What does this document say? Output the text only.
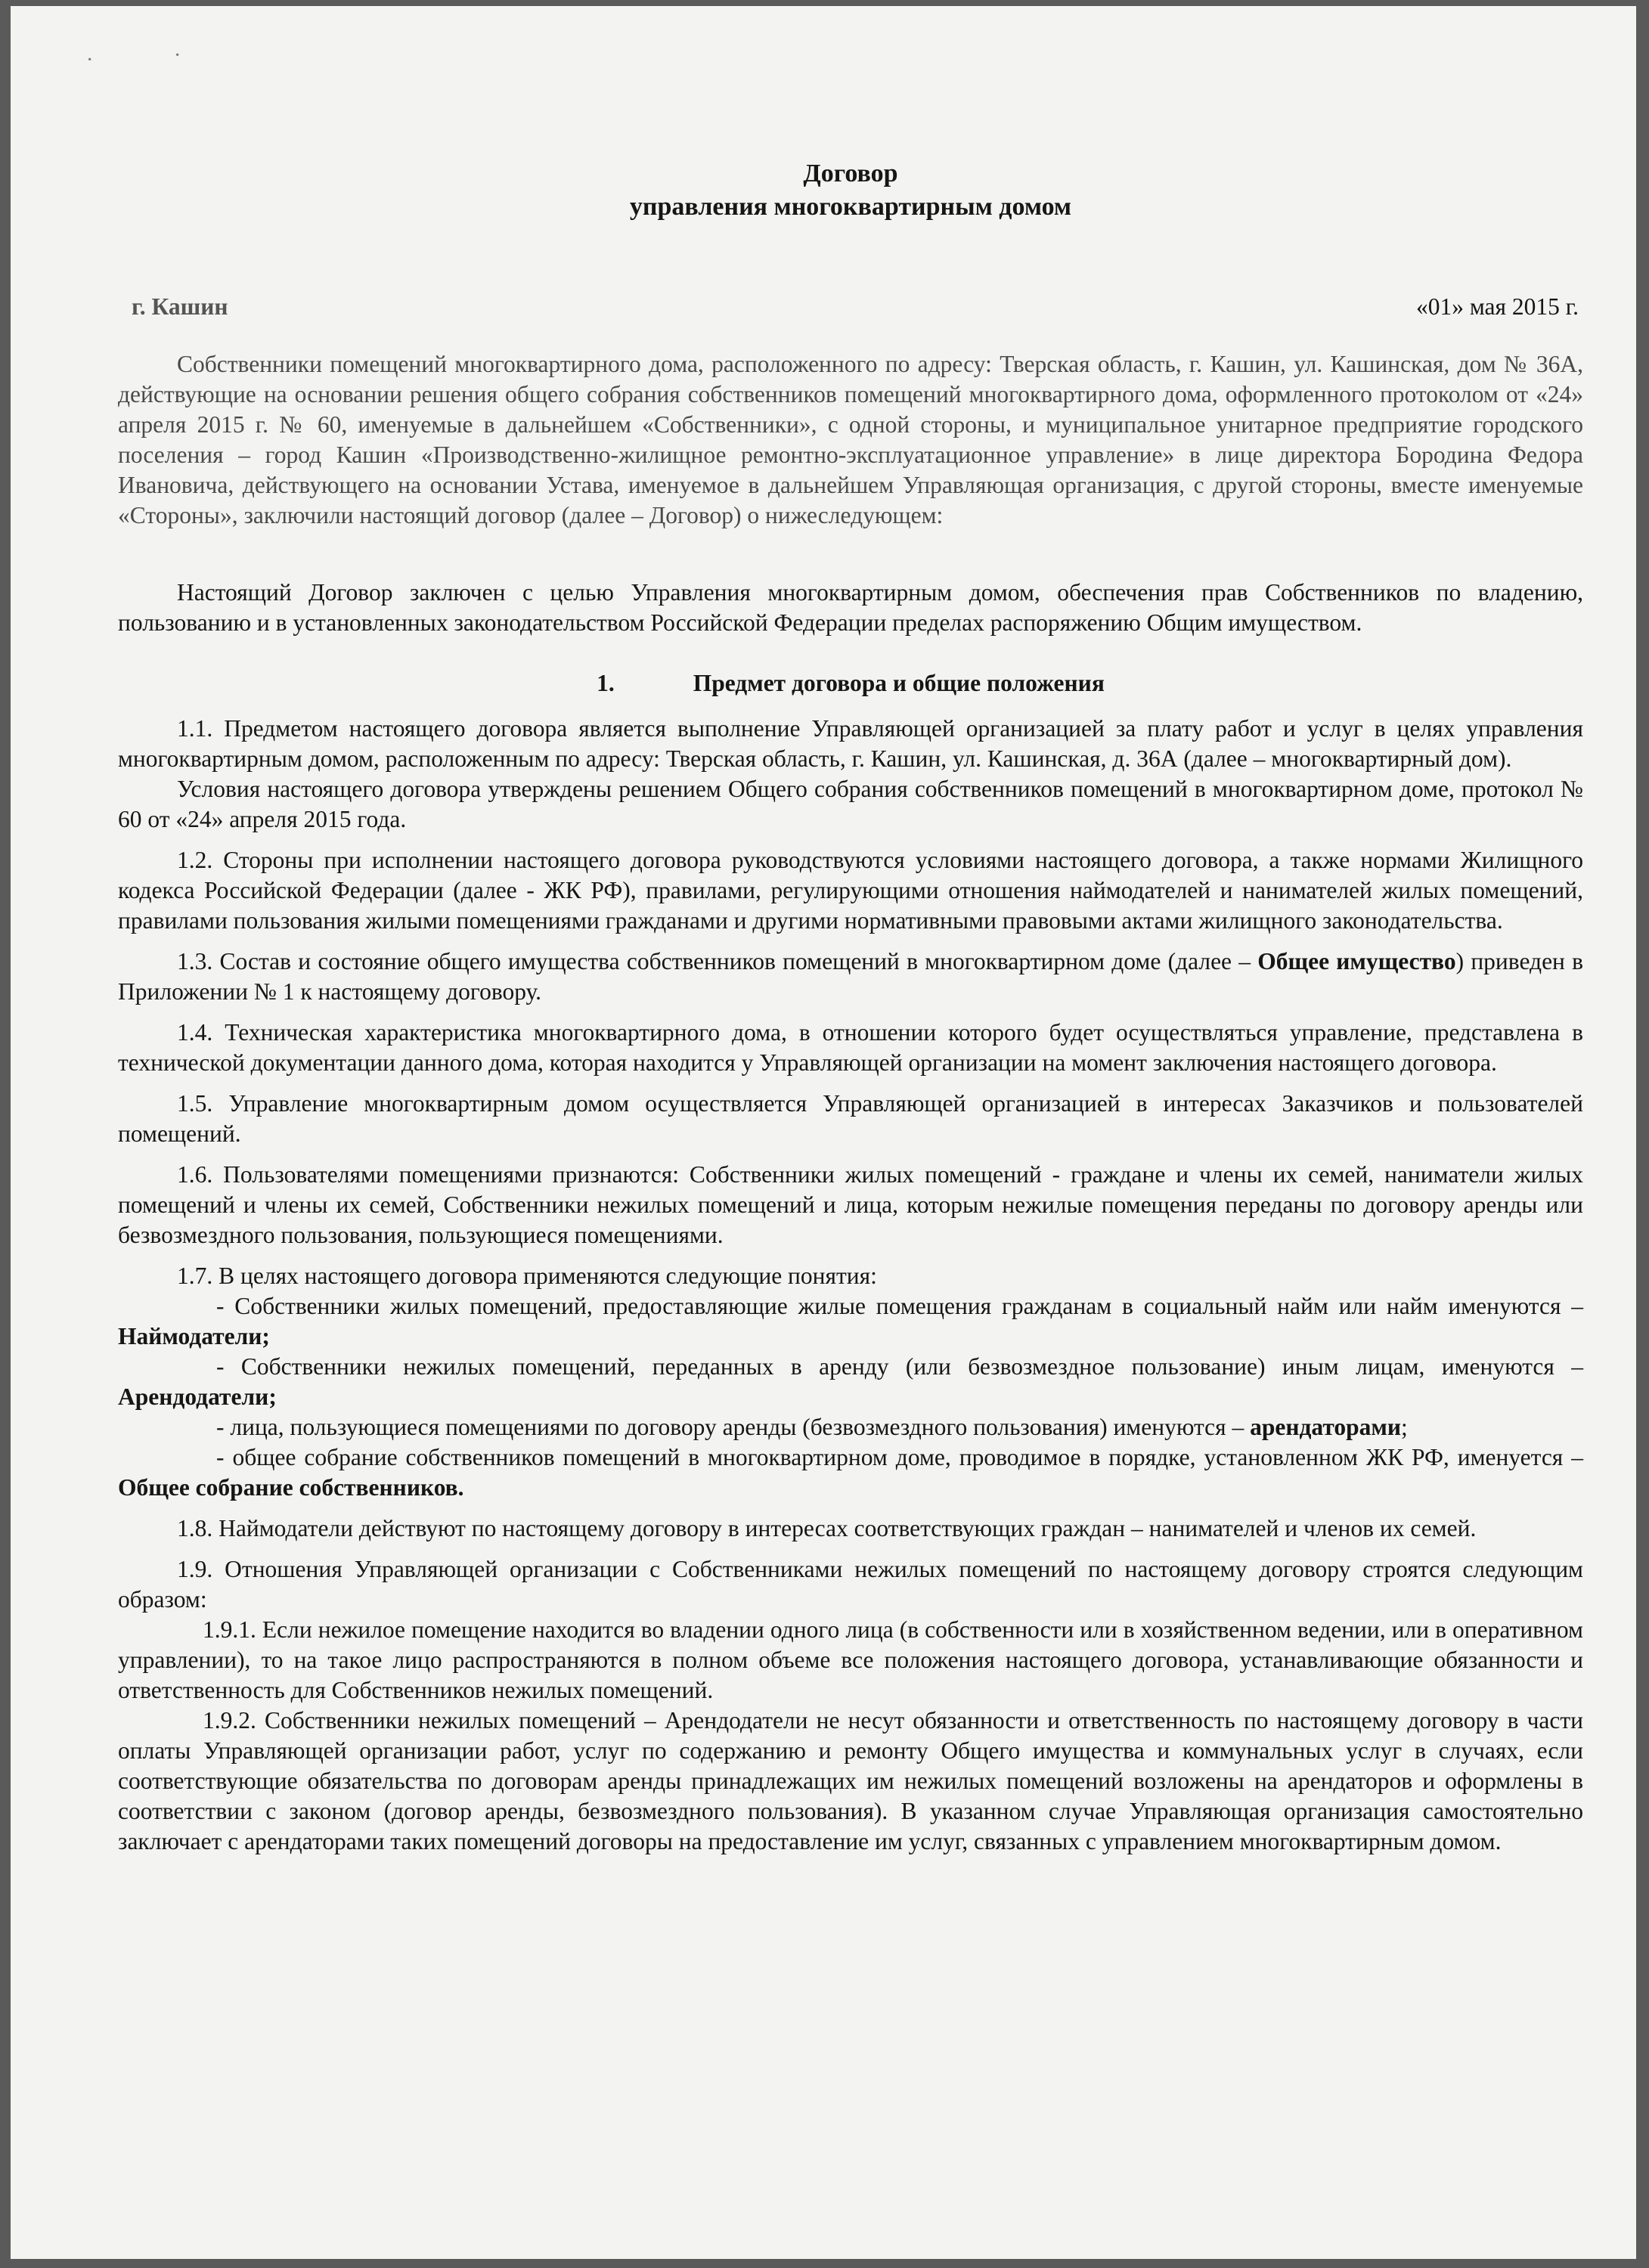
·	·
Договор
управления многоквартирным домом
г. Кашин	«01» мая 2015 г.

Собственники помещений многоквартирного дома, расположенного по адресу: Тверская область, г. Кашин, ул. Кашинская, дом № 36А, действующие на основании решения общего собрания собственников помещений многоквартирного дома, оформленного протоколом от «24» апреля 2015 г. № 60, именуемые в дальнейшем «Собственники», с одной стороны, и муниципальное унитарное предприятие городского поселения – город Кашин «Производственно-жилищное ремонтно-эксплуатационное управление» в лице директора Бородина Федора Ивановича, действующего на основании Устава, именуемое в дальнейшем Управляющая организация, с другой стороны, вместе именуемые «Стороны», заключили настоящий договор (далее – Договор) о нижеследующем:

Настоящий Договор заключен с целью Управления многоквартирным домом, обеспечения прав Собственников по владению, пользованию и в установленных законодательством Российской Федерации пределах распоряжению Общим имуществом.

1.	Предмет договора и общие положения

1.1. Предметом настоящего договора является выполнение Управляющей организацией за плату работ и услуг в целях управления многоквартирным домом, расположенным по адресу: Тверская область, г. Кашин, ул. Кашинская, д. 36А (далее – многоквартирный дом).

Условия настоящего договора утверждены решением Общего собрания собственников помещений в многоквартирном доме, протокол № 60 от «24» апреля 2015 года.

1.2. Стороны при исполнении настоящего договора руководствуются условиями настоящего договора, а также нормами Жилищного кодекса Российской Федерации (далее - ЖК РФ), правилами, регулирующими отношения наймодателей и нанимателей жилых помещений, правилами пользования жилыми помещениями гражданами и другими нормативными правовыми актами жилищного законодательства.

1.3. Состав и состояние общего имущества собственников помещений в многоквартирном доме (далее – Общее имущество) приведен в Приложении № 1 к настоящему договору.

1.4. Техническая характеристика многоквартирного дома, в отношении которого будет осуществляться управление, представлена в технической документации данного дома, которая находится у Управляющей организации на момент заключения настоящего договора.

1.5. Управление многоквартирным домом осуществляется Управляющей организацией в интересах Заказчиков и пользователей помещений.

1.6. Пользователями помещениями признаются: Собственники жилых помещений - граждане и члены их семей, наниматели жилых помещений и члены их семей, Собственники нежилых помещений и лица, которым нежилые помещения переданы по договору аренды или безвозмездного пользования, пользующиеся помещениями.

1.7. В целях настоящего договора применяются следующие понятия:

- Собственники жилых помещений, предоставляющие жилые помещения гражданам в социальный найм или найм именуются – Наймодатели;

- Собственники нежилых помещений, переданных в аренду (или безвозмездное пользование) иным лицам, именуются – Арендодатели;

- лица, пользующиеся помещениями по договору аренды (безвозмездного пользования) именуются – арендаторами;

- общее собрание собственников помещений в многоквартирном доме, проводимое в порядке, установленном ЖК РФ, именуется – Общее собрание собственников.

1.8. Наймодатели действуют по настоящему договору в интересах соответствующих граждан – нанимателей и членов их семей.

1.9. Отношения Управляющей организации с Собственниками нежилых помещений по настоящему договору строятся следующим образом:

1.9.1. Если нежилое помещение находится во владении одного лица (в собственности или в хозяйственном ведении, или в оперативном управлении), то на такое лицо распространяются в полном объеме все положения настоящего договора, устанавливающие обязанности и ответственность для Собственников нежилых помещений.

1.9.2. Собственники нежилых помещений – Арендодатели не несут обязанности и ответственность по настоящему договору в части оплаты Управляющей организации работ, услуг по содержанию и ремонту Общего имущества и коммунальных услуг в случаях, если соответствующие обязательства по договорам аренды принадлежащих им нежилых помещений возложены на арендаторов и оформлены в соответствии с законом (договор аренды, безвозмездного пользования). В указанном случае Управляющая организация самостоятельно заключает с арендаторами таких помещений договоры на предоставление им услуг, связанных с управлением многоквартирным домом.
